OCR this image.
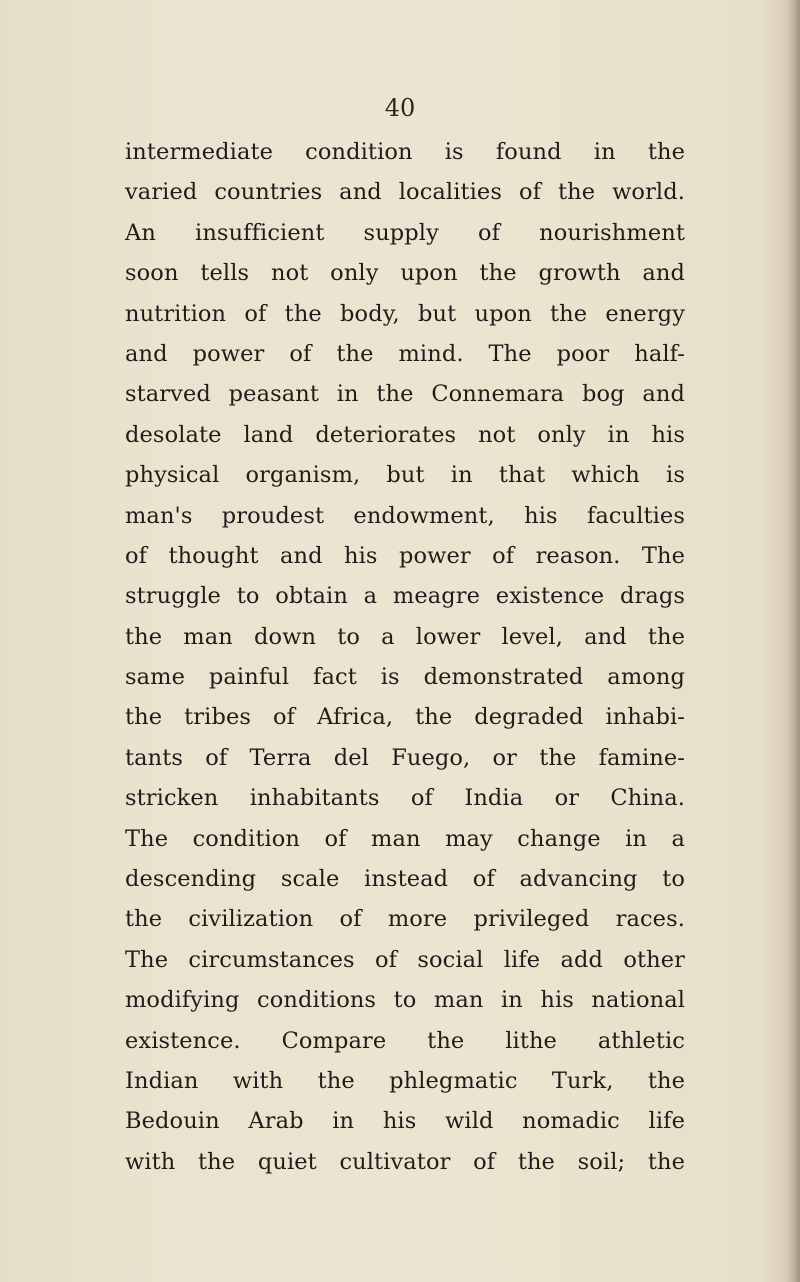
40
intermediate condition is found in the
varied countries and localities of the world.
An insufficient supply of nourishment
soon tells not only upon the growth and
nutrition of the body, but upon the energy
and power of the mind. The poor half-
starved peasant in the Connemara bog and
desolate land deteriorates not only in his
physical organism, but in that which is
man's proudest endowment, his faculties
of thought and his power of reason. The
struggle to obtain a meagre existence drags
the man down to a lower level, and the
same painful fact is demonstrated among
the tribes of Africa, the degraded inhabi-
tants of Terra del Fuego, or the famine-
stricken inhabitants of India or China.
The condition of man may change in a
descending scale instead of advancing to
the civilization of more privileged races.
The circumstances of social life add other
modifying conditions to man in his national
existence. Compare the lithe athletic
Indian with the phlegmatic Turk, the
Bedouin Arab in his wild nomadic life
with the quiet cultivator of the soil; the
